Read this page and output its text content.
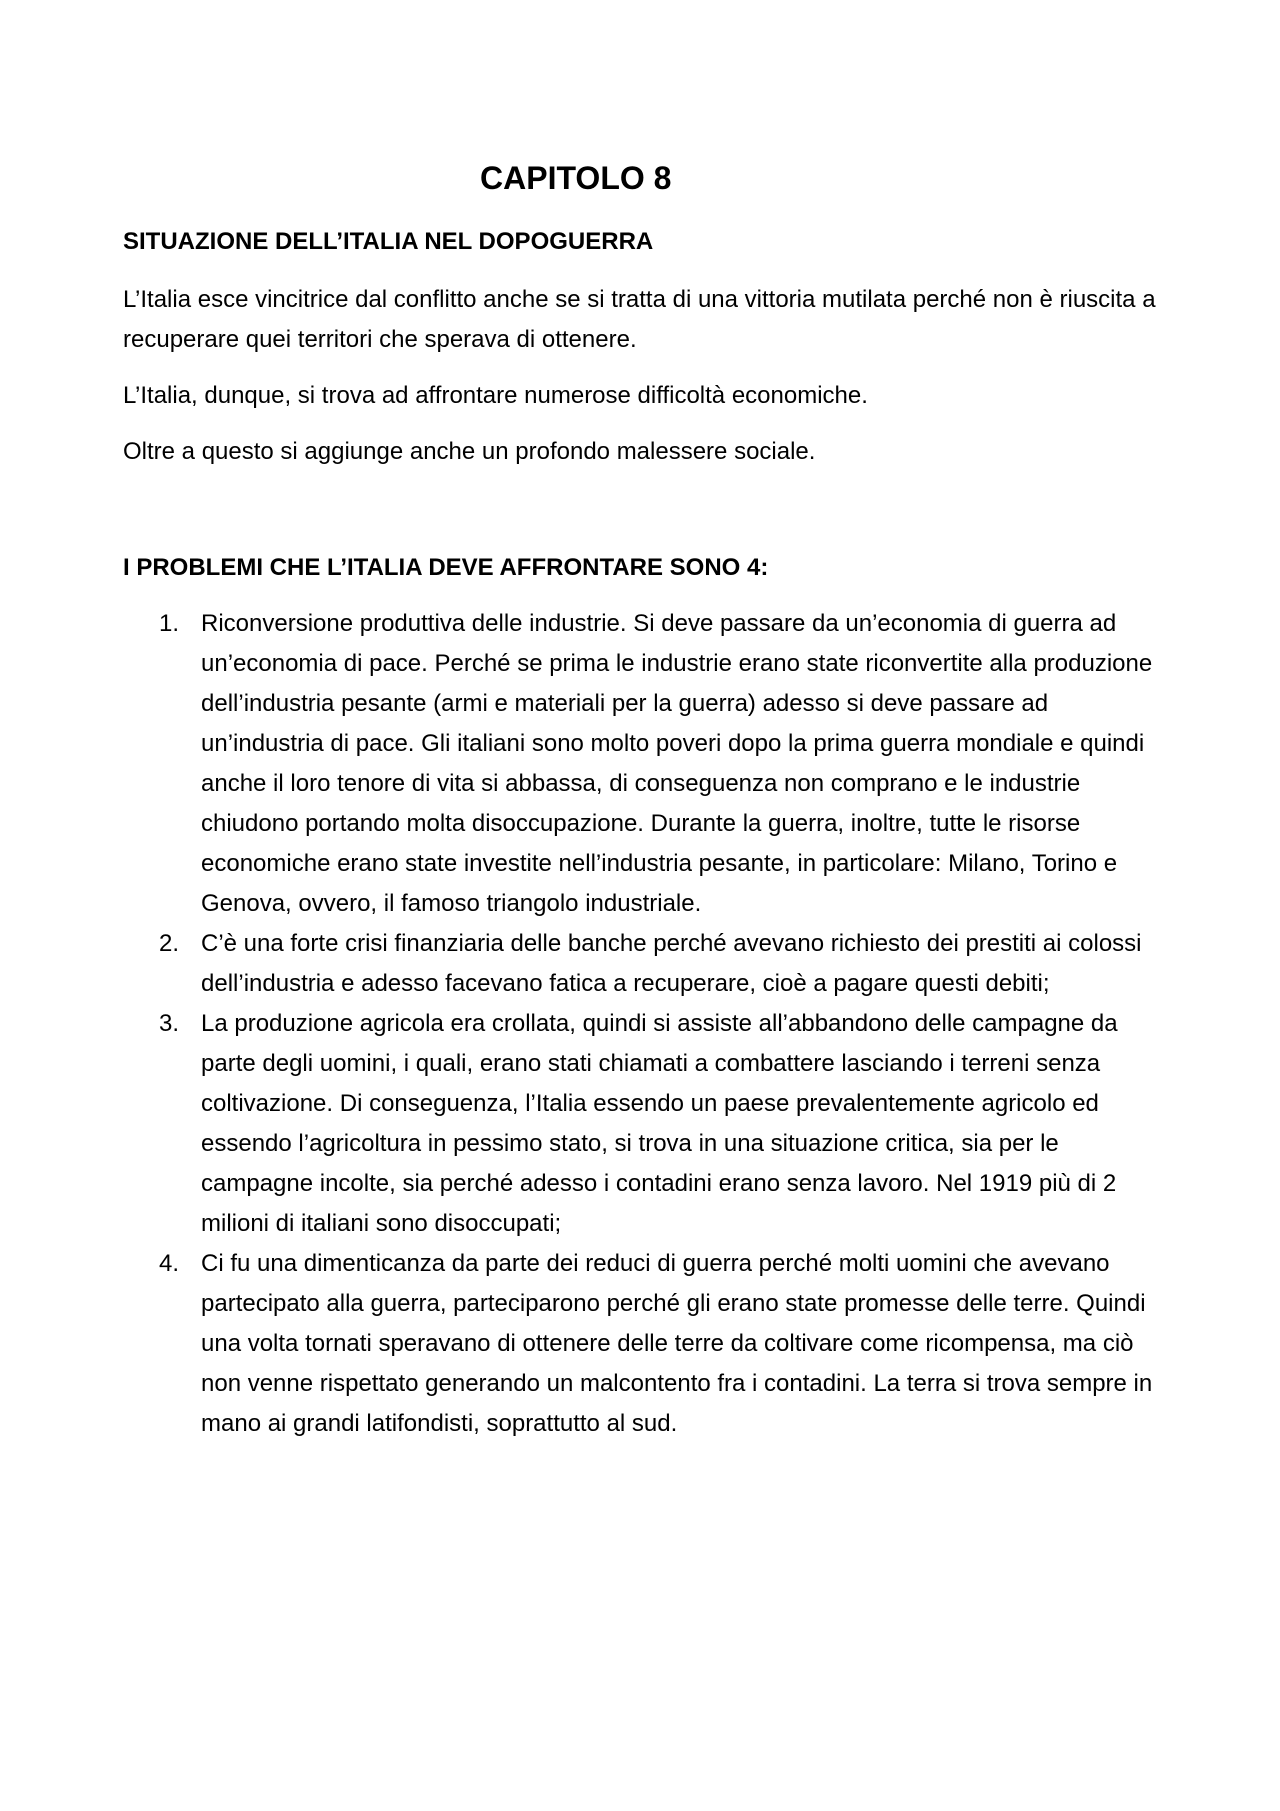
CAPITOLO 8
SITUAZIONE DELL’ITALIA NEL DOPOGUERRA

L’Italia esce vincitrice dal conflitto anche se si tratta di una vittoria mutilata perché non è riuscita a recuperare quei territori che sperava di ottenere.

L’Italia, dunque, si trova ad affrontare numerose difficoltà economiche.

Oltre a questo si aggiunge anche un profondo malessere sociale.

I PROBLEMI CHE L’ITALIA DEVE AFFRONTARE SONO 4:
1. Riconversione produttiva delle industrie. Si deve passare da un’economia di guerra ad un’economia di pace. Perché se prima le industrie erano state riconvertite alla produzione dell’industria pesante (armi e materiali per la guerra) adesso si deve passare ad un’industria di pace. Gli italiani sono molto poveri dopo la prima guerra mondiale e quindi anche il loro tenore di vita si abbassa, di conseguenza non comprano e le industrie chiudono portando molta disoccupazione. Durante la guerra, inoltre, tutte le risorse economiche erano state investite nell’industria pesante, in particolare: Milano, Torino e Genova, ovvero, il famoso triangolo industriale.
2. C’è una forte crisi finanziaria delle banche perché avevano richiesto dei prestiti ai colossi dell’industria e adesso facevano fatica a recuperare, cioè a pagare questi debiti;
3. La produzione agricola era crollata, quindi si assiste all’abbandono delle campagne da parte degli uomini, i quali, erano stati chiamati a combattere lasciando i terreni senza coltivazione. Di conseguenza, l’Italia essendo un paese prevalentemente agricolo ed essendo l’agricoltura in pessimo stato, si trova in una situazione critica, sia per le campagne incolte, sia perché adesso i contadini erano senza lavoro. Nel 1919 più di 2 milioni di italiani sono disoccupati;
4. Ci fu una dimenticanza da parte dei reduci di guerra perché molti uomini che avevano partecipato alla guerra, parteciparono perché gli erano state promesse delle terre. Quindi una volta tornati speravano di ottenere delle terre da coltivare come ricompensa, ma ciò non venne rispettato generando un malcontento fra i contadini. La terra si trova sempre in mano ai grandi latifondisti, soprattutto al sud.
